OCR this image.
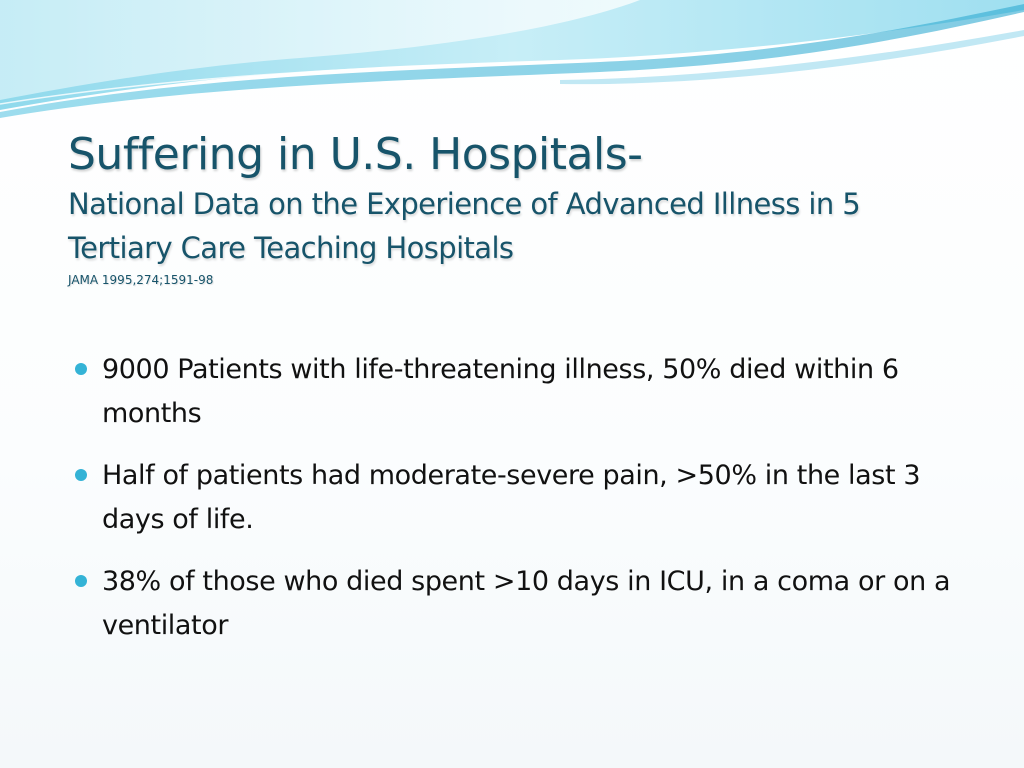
Suffering in U.S. Hospitals-
National Data on the Experience of Advanced Illness in 5 Tertiary Care Teaching Hospitals
JAMA 1995,274;1591-98
9000 Patients with life-threatening illness, 50% died within 6 months
Half of patients had moderate-severe pain, >50% in the last 3 days of life.
38% of those who died spent >10 days in ICU, in a coma or on a ventilator
